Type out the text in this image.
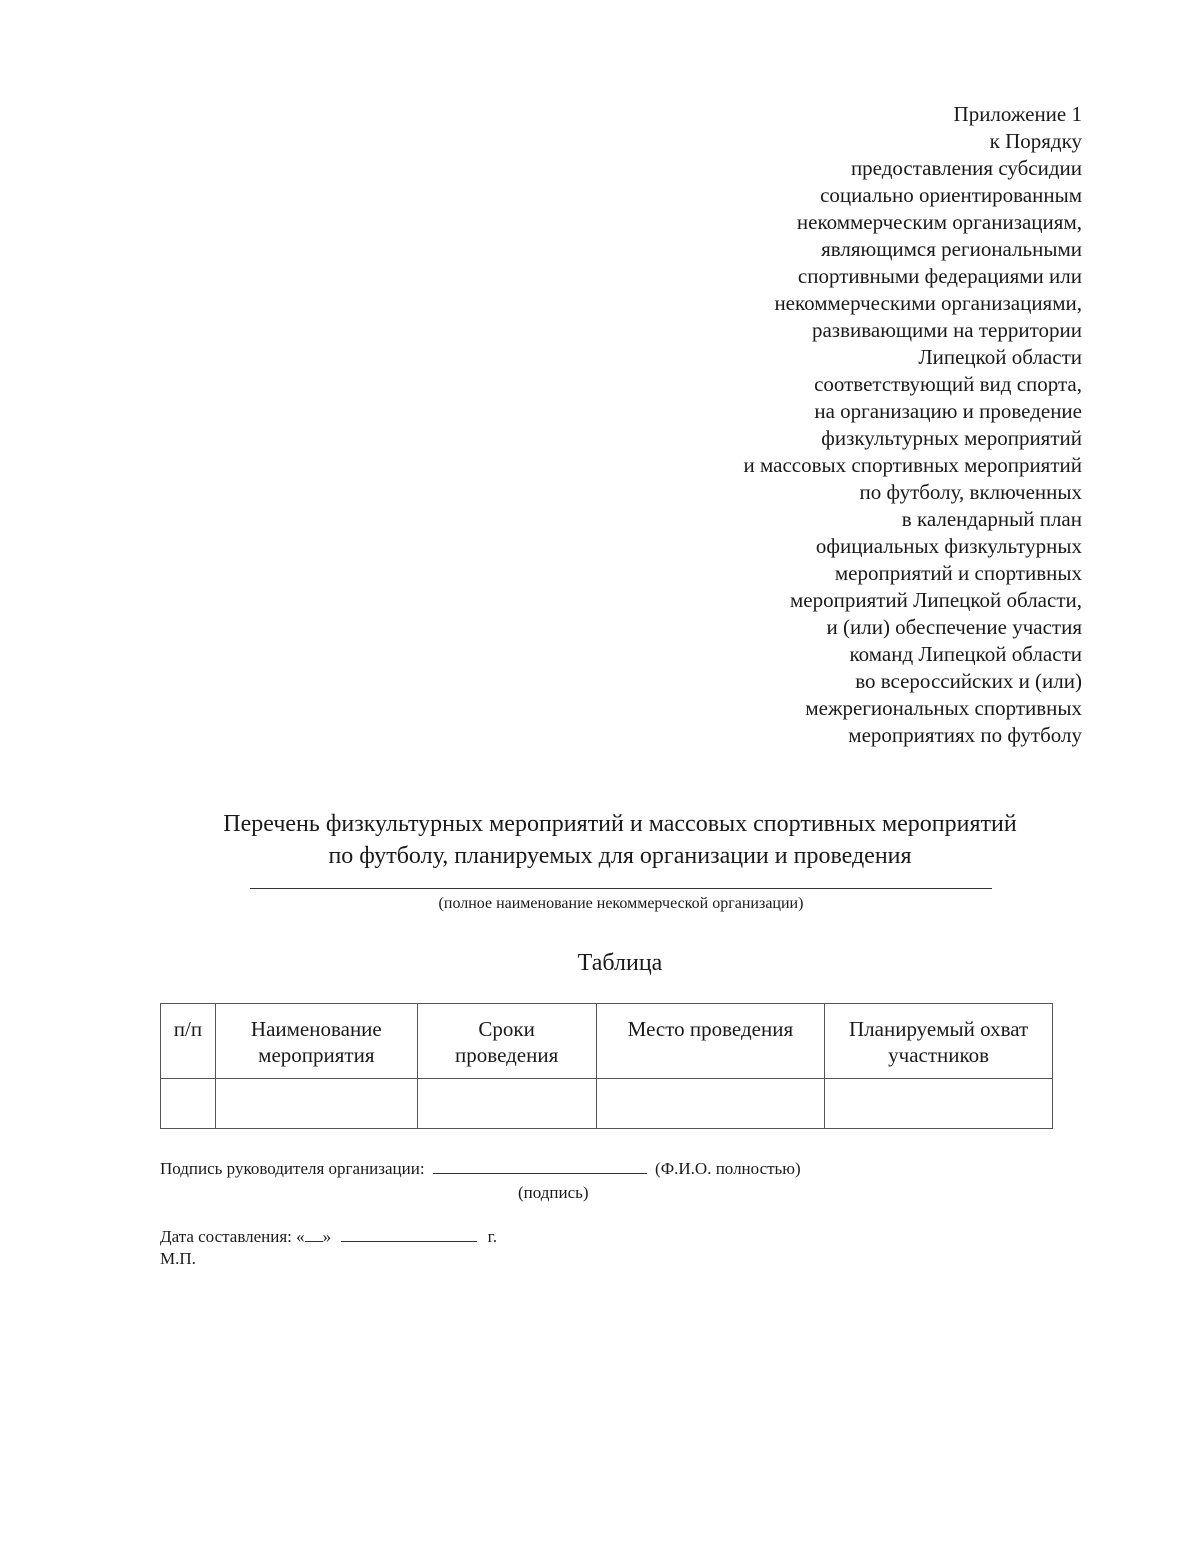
Приложение 1
к Порядку
предоставления субсидии
социально ориентированным
некоммерческим организациям,
являющимся региональными
спортивными федерациями или
некоммерческими организациями,
развивающими на территории
Липецкой области
соответствующий вид спорта,
на организацию и проведение
физкультурных мероприятий
и массовых спортивных мероприятий
по футболу, включенных
в календарный план
официальных физкультурных
мероприятий и спортивных
мероприятий Липецкой области,
и (или) обеспечение участия
команд Липецкой области
во всероссийских и (или)
межрегиональных спортивных
мероприятиях по футболу
Перечень физкультурных мероприятий и массовых спортивных мероприятий
по футболу, планируемых для организации и проведения
(полное наименование некоммерческой организации)
Таблица
п/п	Наименование мероприятия	Сроки проведения	Место проведения	Планируемый охват участников

Подпись руководителя организации:	(Ф.И.О. полностью)
(подпись)
Дата составления: « »	г.
М.П.
